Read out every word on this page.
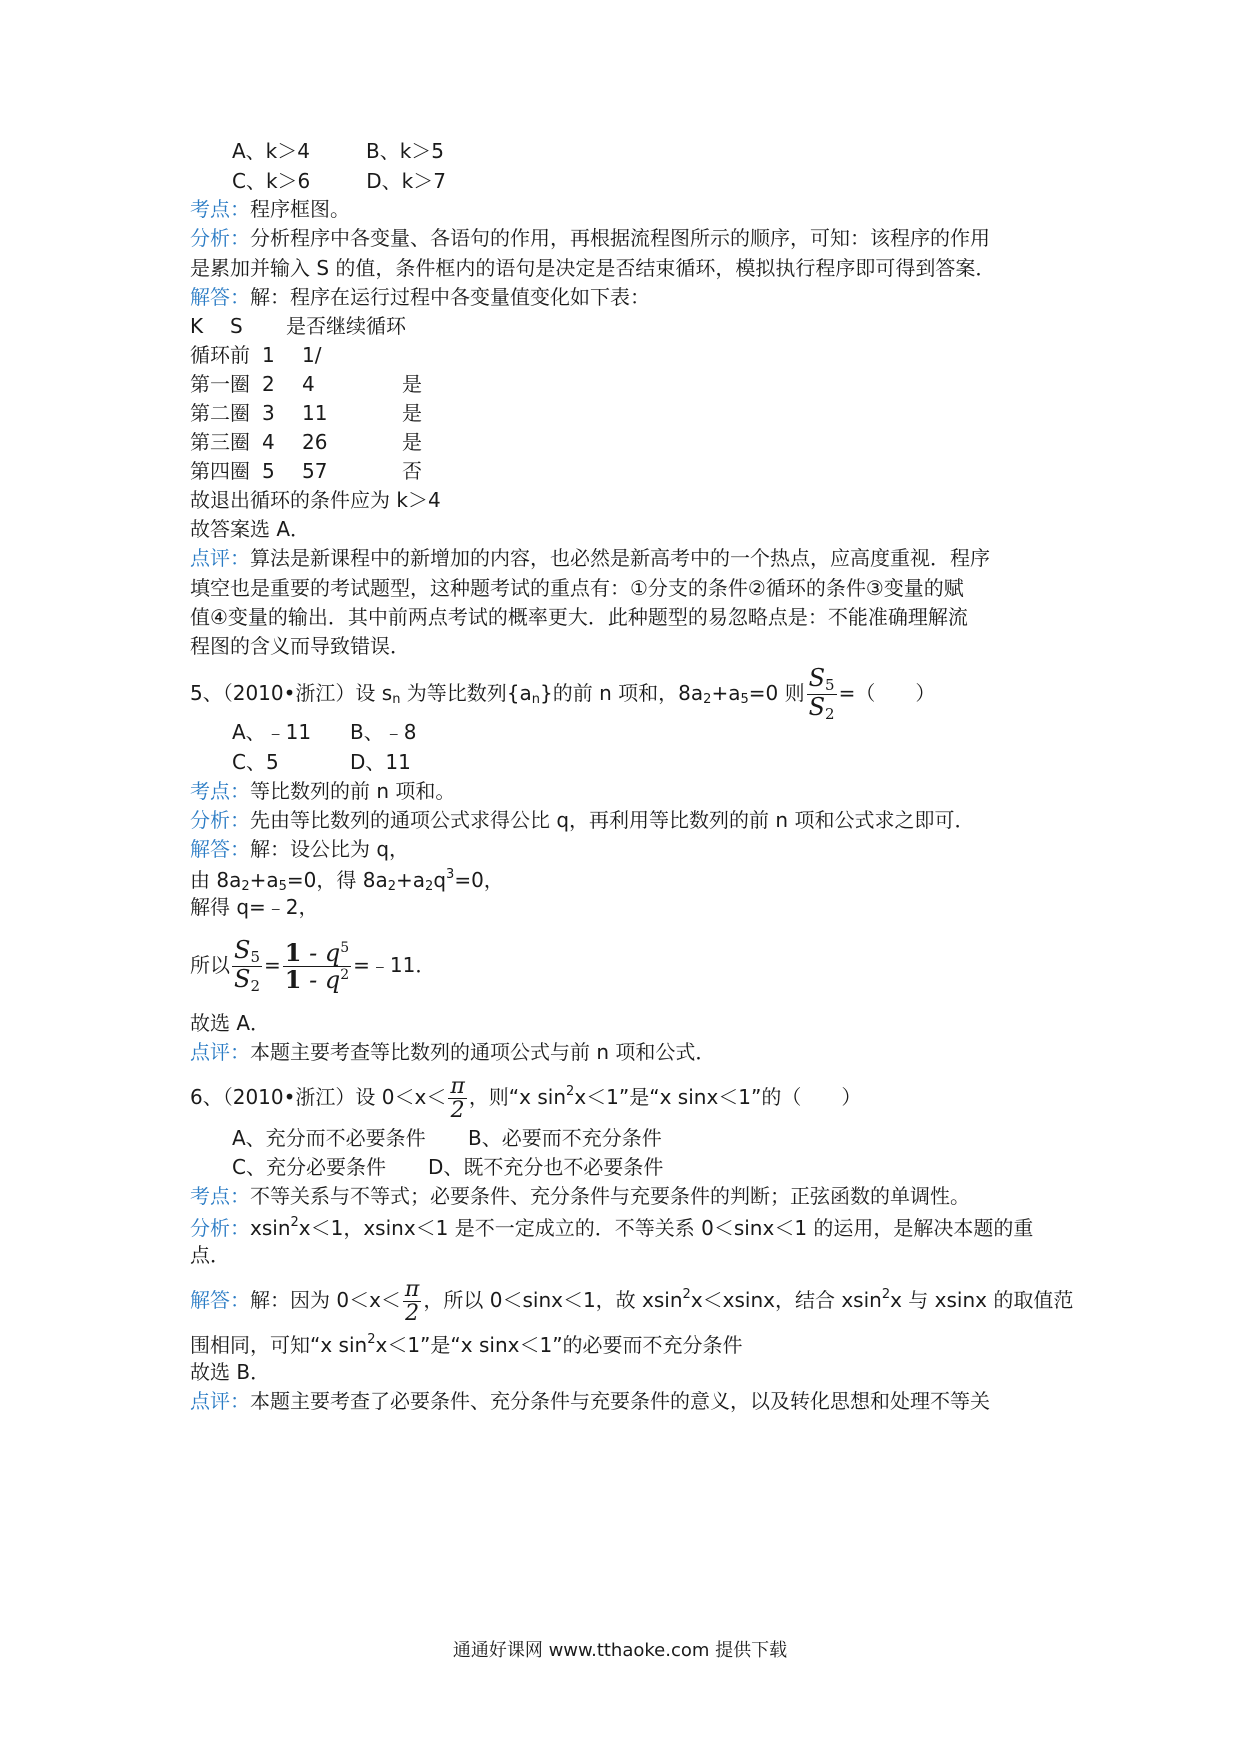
A、k＞4	B、k＞5
C、k＞6	D、k＞7
考点：程序框图。
分析：分析程序中各变量、各语句的作用，再根据流程图所示的顺序，可知：该程序的作用
是累加并输入 S 的值，条件框内的语句是决定是否结束循环，模拟执行程序即可得到答案．
解答：解：程序在运行过程中各变量值变化如下表：
K S 是否继续循环
循环前 1 1/
第一圈 2 4	是
第二圈 3 11	是
第三圈 4 26	是
第四圈 5 57	否
故退出循环的条件应为 k＞4
故答案选 A．
点评：算法是新课程中的新增加的内容，也必然是新高考中的一个热点，应高度重视．程序
填空也是重要的考试题型，这种题考试的重点有：①分支的条件②循环的条件③变量的赋
值④变量的输出．其中前两点考试的概率更大．此种题型的易忽略点是：不能准确理解流
程图的含义而导致错误．
5、（2010•浙江）设 $s_n$ 为等比数列$\{a_n\}$的前 n 项和，$8a_2+a_5=0$ 则 $\frac{S5}{S2}$ =（　　）
A、﹣11 B、﹣8
C、5	D、11
考点：等比数列的前 n 项和。
分析：先由等比数列的通项公式求得公比 q，再利用等比数列的前 n 项和公式求之即可．
解答：解：设公比为 q，
由 $8a_2+a_5=0$，得 $8a_2+a_2q^3=0$，
解得 q=﹣2，
所以 $\frac{S5}{S2} = \frac{1 - q^5}{1 - q^2}$ =﹣11．
故选 A．
点评：本题主要考查等比数列的通项公式与前 n 项和公式．
6、（2010•浙江）设 $0<x< \frac{\pi}{2}$ ，则“x $\sin^2x<1$”是“x sinx＜1”的（　　）
A、充分而不必要条件 B、必要而不充分条件
C、充分必要条件 D、既不充分也不必要条件
考点：不等关系与不等式；必要条件、充分条件与充要条件的判断；正弦函数的单调性。
分析：xsin$^2$x＜1，xsinx＜1 是不一定成立的．不等关系 0＜sinx＜1 的运用，是解决本题的重
点．
解答：解：因为 $0<x< \frac{\pi}{2}$ ，所以 0＜sinx＜1，故 xsin$^2$x＜xsinx，结合 xsin$^2$x 与 xsinx 的取值范
围相同，可知“x $\sin^2x<1$”是“x sinx＜1”的必要而不充分条件
故选 B．
点评：本题主要考查了必要条件、充分条件与充要条件的意义，以及转化思想和处理不等关
通通好课网 www.tthaoke.com 提供下载
